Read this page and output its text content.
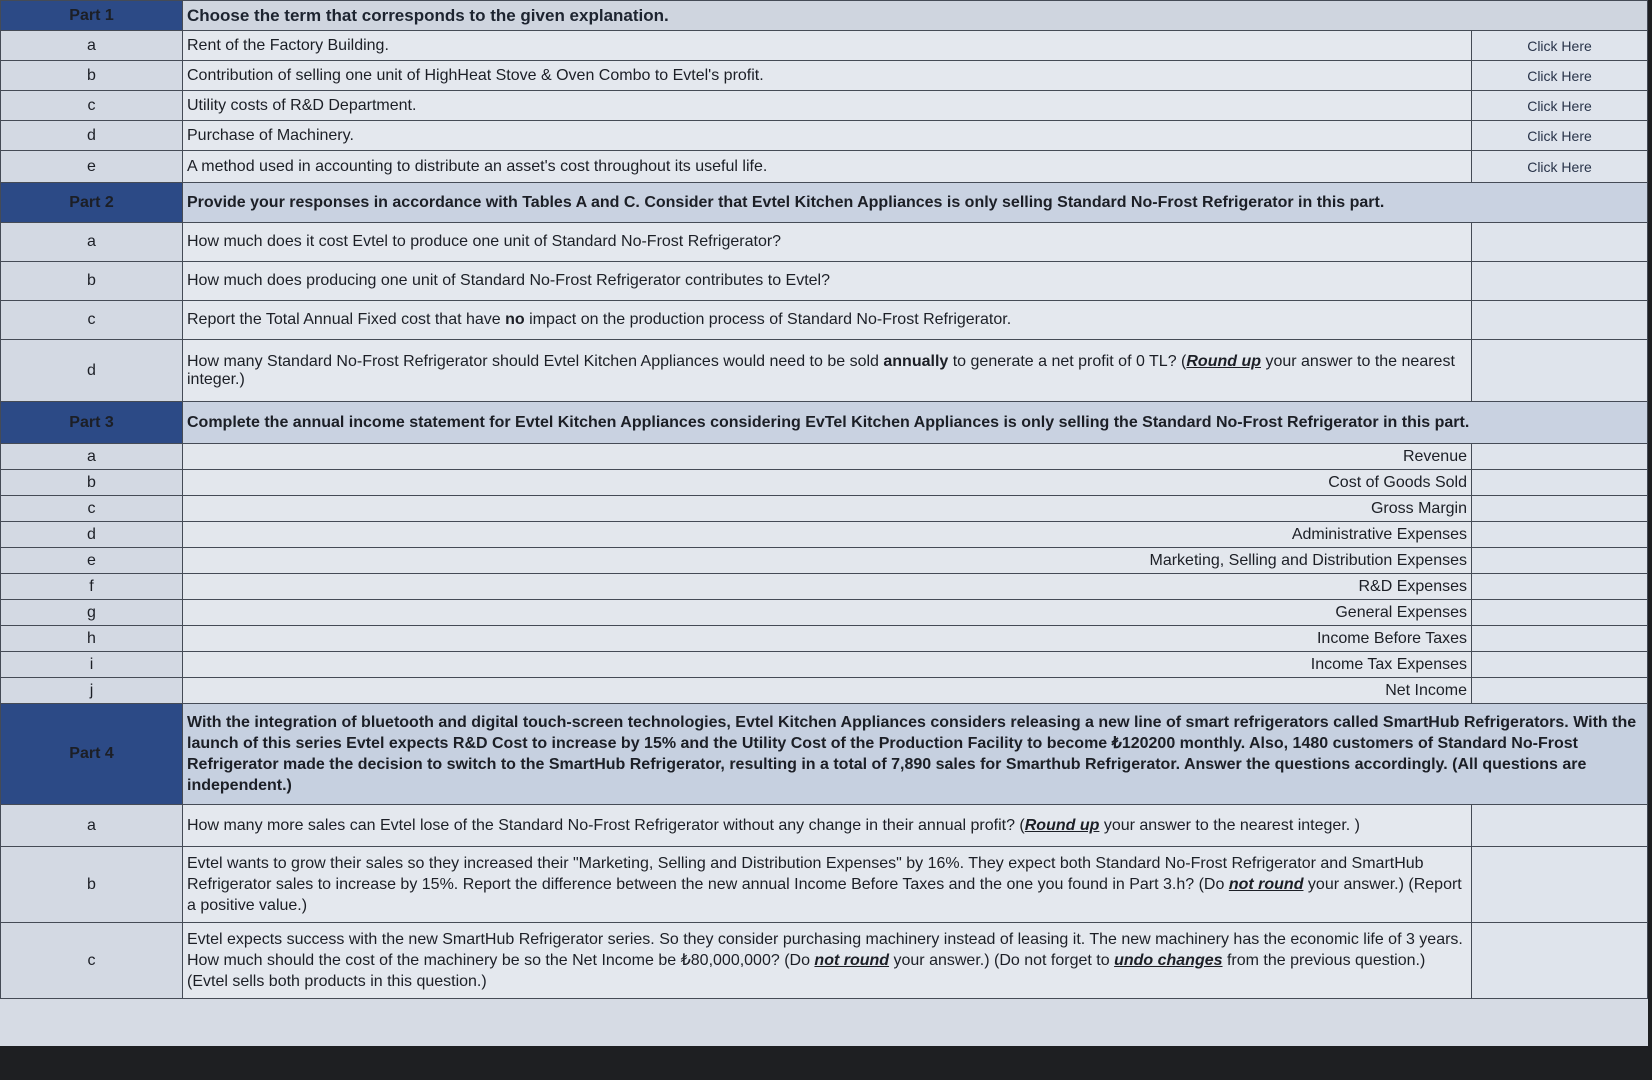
Part 1	Choose the term that corresponds to the given explanation.	
a	Rent of the Factory Building.	Click Here

b	Contribution of selling one unit of HighHeat Stove & Oven Combo to Evtel's profit.	Click Here

c	Utility costs of R&D Department.	Click Here

d	Purchase of Machinery.	Click Here

e	A method used in accounting to distribute an asset's cost throughout its useful life.	Click Here

Part 2	Provide your responses in accordance with Tables A and C. Consider that Evtel Kitchen Appliances is only selling Standard No-Frost Refrigerator in this part.	
a	How much does it cost Evtel to produce one unit of Standard No-Frost Refrigerator?	
b	How much does producing one unit of Standard No-Frost Refrigerator contributes to Evtel?	
c	Report the Total Annual Fixed cost that have no impact on the production process of Standard No-Frost Refrigerator.	
d	How many Standard No-Frost Refrigerator should Evtel Kitchen Appliances would need to be sold annually to generate a net profit of 0 TL? (Round up your answer to the nearest integer.)	
Part 3	Complete the annual income statement for Evtel Kitchen Appliances considering EvTel Kitchen Appliances is only selling the Standard No-Frost Refrigerator in this part.	
a	Revenue	
b	Cost of Goods Sold	
c	Gross Margin	
d	Administrative Expenses	
e	Marketing, Selling and Distribution Expenses	
f	R&D Expenses	
g	General Expenses	
h	Income Before Taxes	
i	Income Tax Expenses	
j	Net Income	
Part 4	With the integration of bluetooth and digital touch-screen technologies, Evtel Kitchen Appliances considers releasing a new line of smart refrigerators called SmartHub Refrigerators. With the launch of this series Evtel expects R&D Cost to increase by 15% and the Utility Cost of the Production Facility to become ₺120200 monthly. Also, 1480 customers of Standard No-Frost Refrigerator made the decision to switch to the SmartHub Refrigerator, resulting in a total of 7,890 sales for Smarthub Refrigerator. Answer the questions accordingly. (All questions are independent.)	
a	How many more sales can Evtel lose of the Standard No-Frost Refrigerator without any change in their annual profit? (Round up your answer to the nearest integer. )	
b	Evtel wants to grow their sales so they increased their "Marketing, Selling and Distribution Expenses" by 16%. They expect both Standard No-Frost Refrigerator and SmartHub Refrigerator sales to increase by 15%. Report the difference between the new annual Income Before Taxes and the one you found in Part 3.h? (Do not round your answer.) (Report a positive value.)	
c	Evtel expects success with the new SmartHub Refrigerator series. So they consider purchasing machinery instead of leasing it. The new machinery has the economic life of 3 years. How much should the cost of the machinery be so the Net Income be ₺80,000,000? (Do not round your answer.) (Do not forget to undo changes from the previous question.) (Evtel sells both products in this question.)	
